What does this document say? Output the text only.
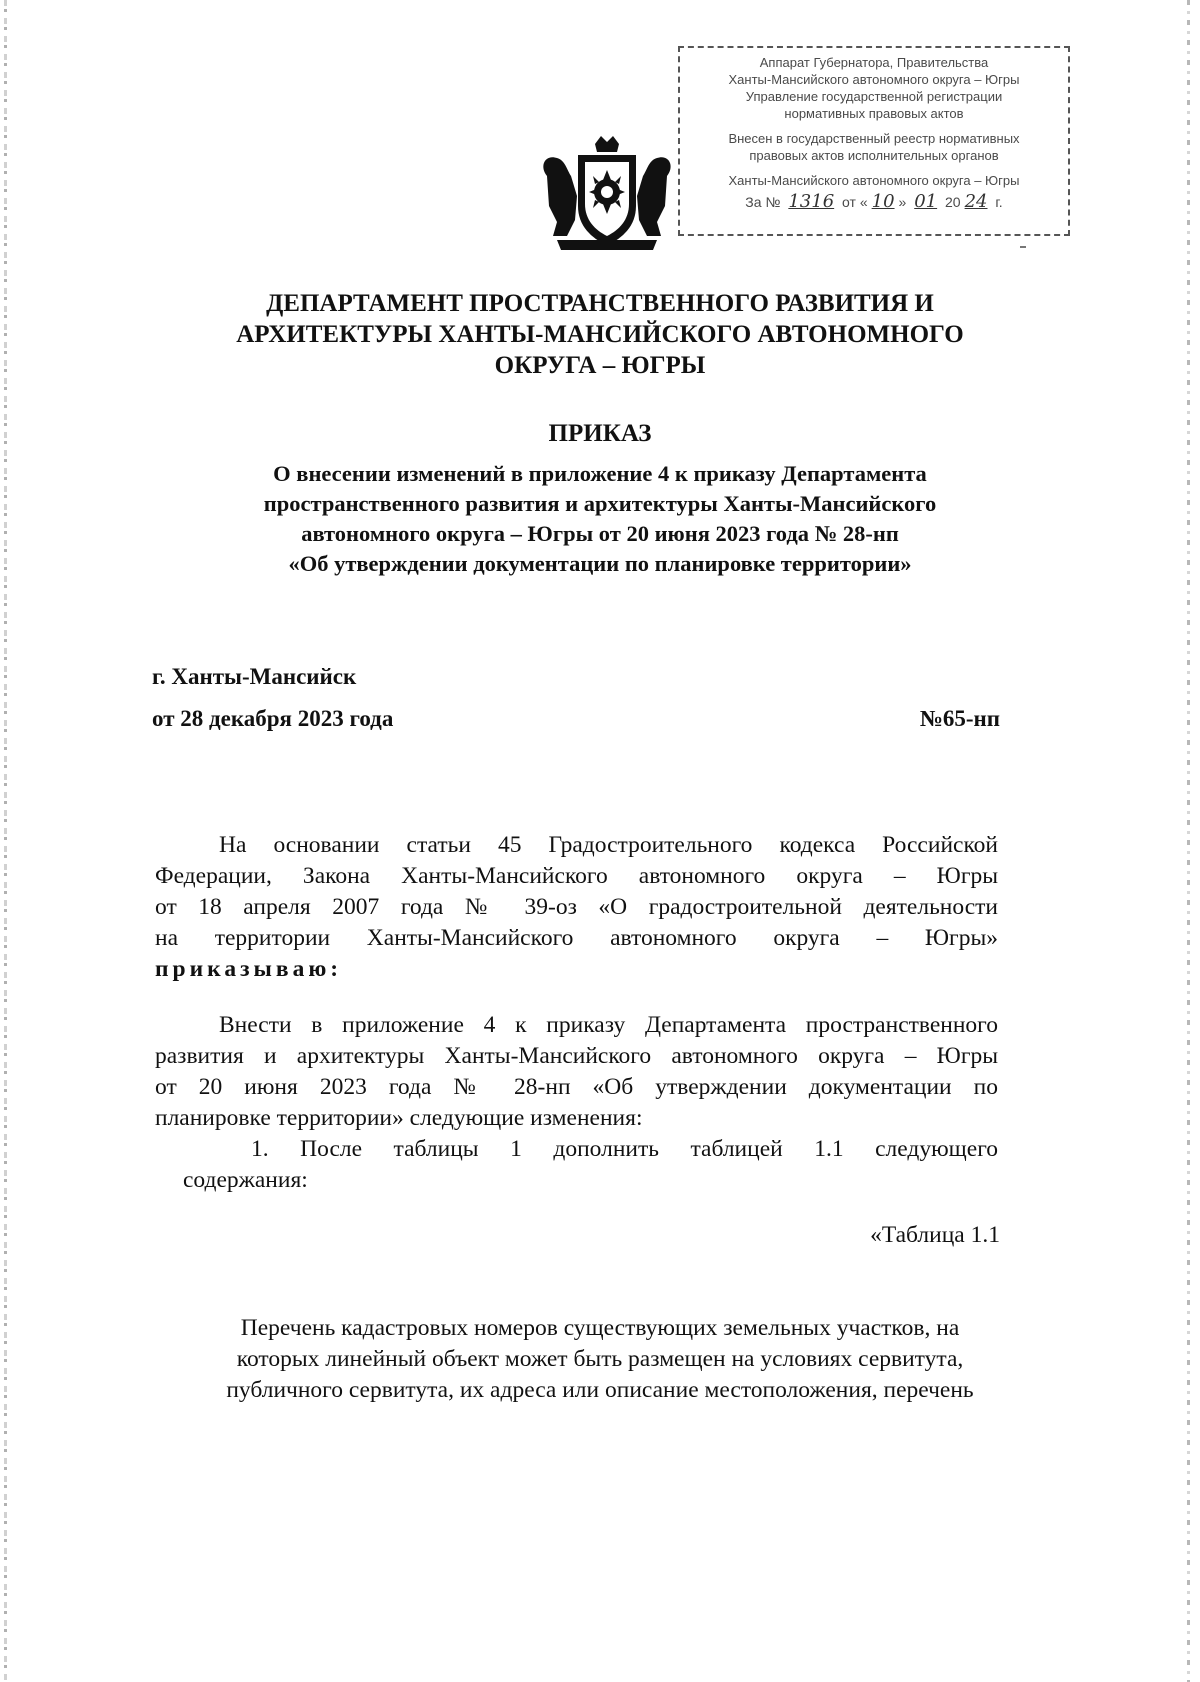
Аппарат Губернатора, Правительства
Ханты-Мансийского автономного округа – Югры
Управление государственной регистрации
нормативных правовых актов
Внесен в государственный реестр нормативных
правовых актов исполнительных органов
Ханты-Мансийского автономного округа – Югры
За № 1316 от « 10 » 01 20 24 г.
ДЕПАРТАМЕНТ ПРОСТРАНСТВЕННОГО РАЗВИТИЯ И
АРХИТЕКТУРЫ ХАНТЫ-МАНСИЙСКОГО АВТОНОМНОГО
ОКРУГА – ЮГРЫ
ПРИКАЗ
О внесении изменений в приложение 4 к приказу Департамента
пространственного развития и архитектуры Ханты-Мансийского
автономного округа – Югры от 20 июня 2023 года № 28-нп
«Об утверждении документации по планировке территории»
г. Ханты-Мансийск
от 28 декабря 2023 года	№65-нп
На основании статьи 45 Градостроительного кодекса Российской
Федерации, Закона Ханты-Мансийского автономного округа – Югры
от 18 апреля 2007 года № 39-оз «О градостроительной деятельности
на территории Ханты-Мансийского автономного округа – Югры»
приказываю:
Внести в приложение 4 к приказу Департамента пространственного
развития и архитектуры Ханты-Мансийского автономного округа – Югры
от 20 июня 2023 года № 28-нп «Об утверждении документации по
планировке территории» следующие изменения:
1. После таблицы 1 дополнить таблицей 1.1 следующего
содержания:
«Таблица 1.1
Перечень кадастровых номеров существующих земельных участков, на
которых линейный объект может быть размещен на условиях сервитута,
публичного сервитута, их адреса или описание местоположения, перечень
